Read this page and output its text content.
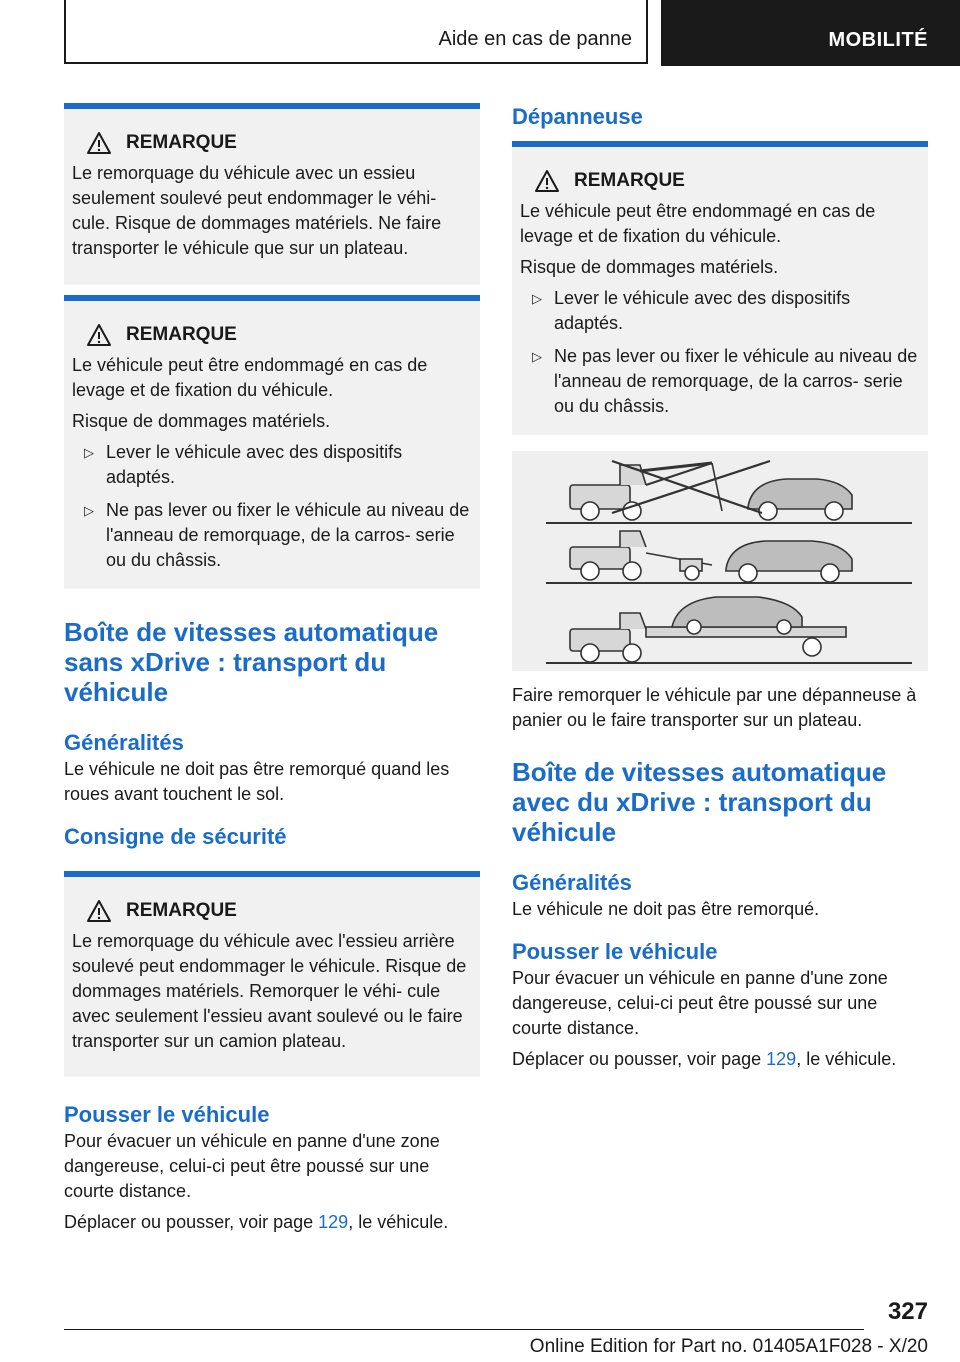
Aide en cas de panne	MOBILITÉ
REMARQUE

Le remorquage du véhicule avec un essieu seulement soulevé peut endommager le véhi‐ cule. Risque de dommages matériels. Ne faire transporter le véhicule que sur un plateau.

REMARQUE

Le véhicule peut être endommagé en cas de levage et de fixation du véhicule.

Risque de dommages matériels.

▷ Lever le véhicule avec des dispositifs adaptés.
▷ Ne pas lever ou fixer le véhicule au niveau de l'anneau de remorquage, de la carros‐ serie ou du châssis.
Boîte de vitesses automatique sans xDrive : transport du véhicule
Généralités

Le véhicule ne doit pas être remorqué quand les roues avant touchent le sol.

Consigne de sécurité
REMARQUE

Le remorquage du véhicule avec l'essieu arrière soulevé peut endommager le véhicule. Risque de dommages matériels. Remorquer le véhi‐ cule avec seulement l'essieu avant soulevé ou le faire transporter sur un camion plateau.

Pousser le véhicule

Pour évacuer un véhicule en panne d'une zone dangereuse, celui-ci peut être poussé sur une courte distance.

Déplacer ou pousser, voir page 129, le véhicule.

Dépanneuse
REMARQUE

Le véhicule peut être endommagé en cas de levage et de fixation du véhicule.

Risque de dommages matériels.

▷ Lever le véhicule avec des dispositifs adaptés.
▷ Ne pas lever ou fixer le véhicule au niveau de l'anneau de remorquage, de la carros‐ serie ou du châssis.

Faire remorquer le véhicule par une dépanneuse à panier ou le faire transporter sur un plateau.

Boîte de vitesses automatique avec du xDrive : transport du véhicule
Généralités

Le véhicule ne doit pas être remorqué.

Pousser le véhicule

Pour évacuer un véhicule en panne d'une zone dangereuse, celui-ci peut être poussé sur une courte distance.

Déplacer ou pousser, voir page 129, le véhicule.

327
Online Edition for Part no. 01405A1F028 - X/20
